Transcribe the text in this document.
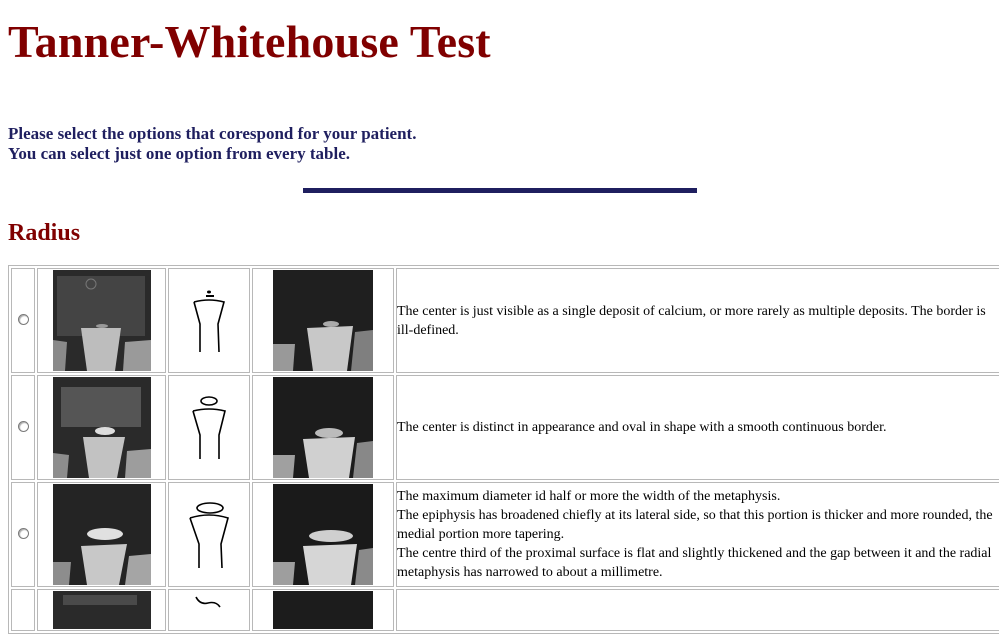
Tanner-Whitehouse Test
Please select the options that corespond for your patient.
You can select just one option from every table.
Radius

	The center is just visible as a single deposit of calcium, or more rarely as multiple deposits. The border is ill-defined.

	The center is distinct in appearance and oval in shape with a smooth continuous border.

The maximum diameter id half or more the width of the metaphysis.
The epiphysis has broadened chiefly at its lateral side, so that this portion is thicker and more rounded, the medial portion more tapering.
The centre third of the proximal surface is flat and slightly thickened and the gap between it and the radial metaphysis has narrowed to about a millimetre.
